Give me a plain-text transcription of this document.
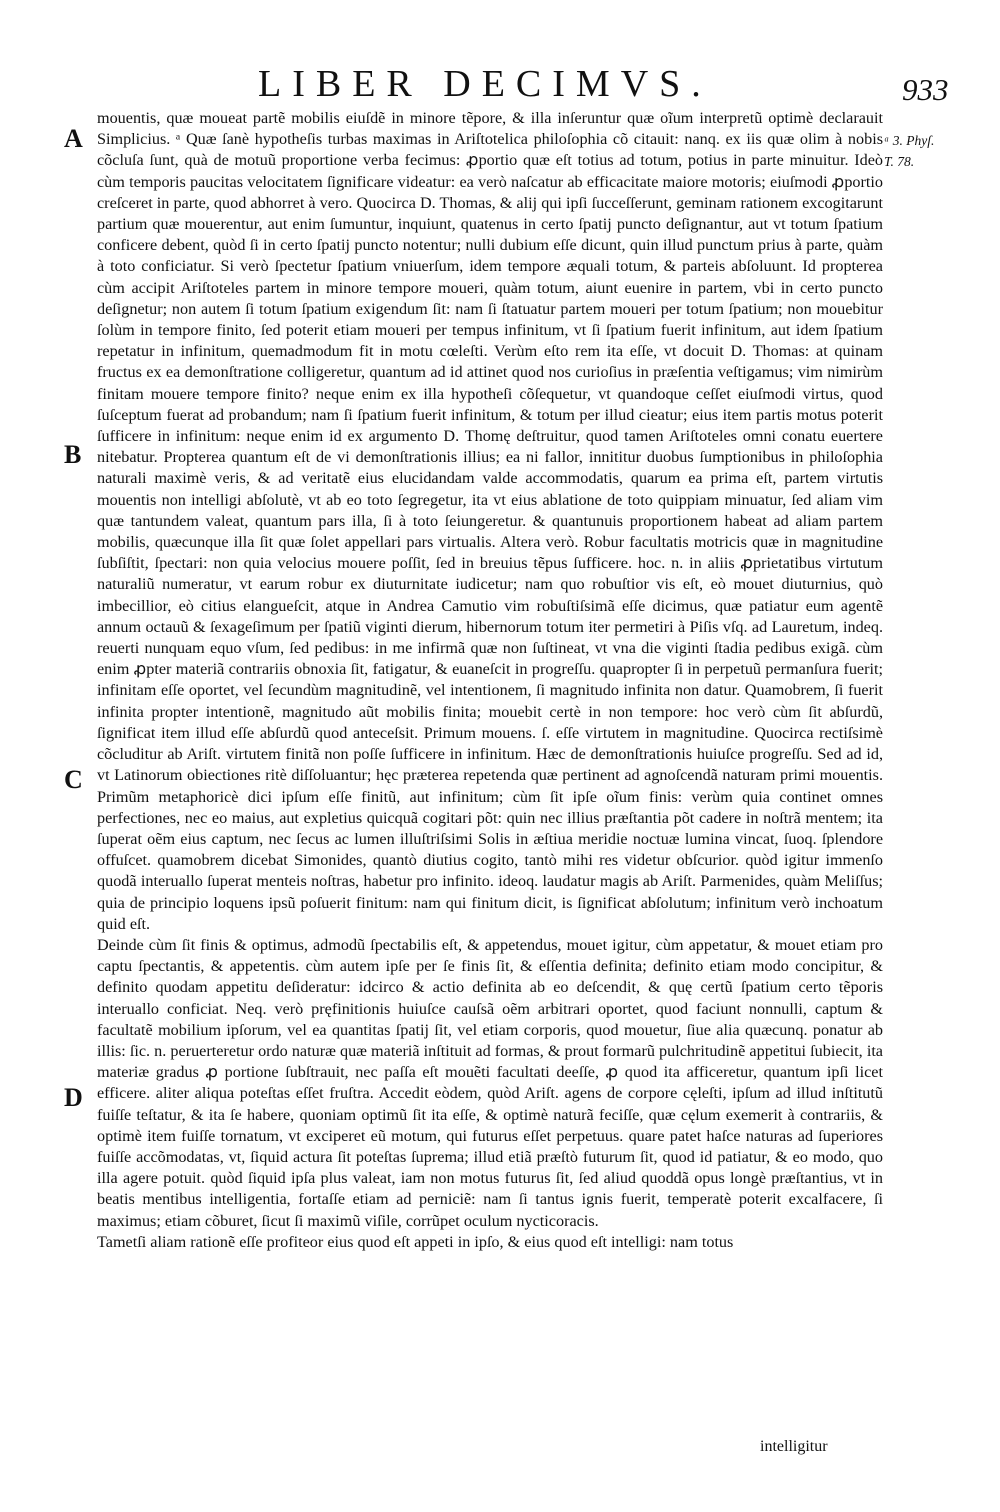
LIBER DECIMVS.	933
A
B
C
D
ᵃ 3. Phyſ.
T. 78.

mouentis, quæ moueat partẽ mobilis eiuſdẽ in minore tẽpore, & illa inſeruntur quæ oĩum interpretũ optimè declarauit Simplicius. ᵃ Quæ ſanè hypotheſis turbas maximas in Ariſtotelica philoſophia cõ citauit: nanq. ex iis quæ olim à nobis cõcluſa ſunt, quà de motuũ proportione verba fecimus: ꝓportio quæ eſt totius ad totum, potius in parte minuitur. Ideò cùm temporis paucitas velocitatem ſignificare videatur: ea verò naſcatur ab efficacitate maiore motoris; eiuſmodi ꝓportio creſceret in parte, quod abhorret à vero. Quocirca D. Thomas, & alij qui ipſi ſucceſſerunt, geminam rationem excogitarunt partium quæ mouerentur, aut enim ſumuntur, inquiunt, quatenus in certo ſpatij puncto deſignantur, aut vt totum ſpatium conficere debent, quòd ſi in certo ſpatij puncto notentur; nulli dubium eſſe dicunt, quin illud punctum prius à parte, quàm à toto conficiatur. Si verò ſpectetur ſpatium vniuerſum, idem tempore æquali totum, & parteis abſoluunt. Id propterea cùm accipit Ariſtoteles partem in minore tempore moueri, quàm totum, aiunt euenire in partem, vbi in certo puncto deſignetur; non autem ſi totum ſpatium exigendum ſit: nam ſi ſtatuatur partem moueri per totum ſpatium; non mouebitur ſolùm in tempore finito, ſed poterit etiam moueri per tempus infinitum, vt ſi ſpatium fuerit infinitum, aut idem ſpatium repetatur in infinitum, quemadmodum fit in motu cœleſti. Verùm eſto rem ita eſſe, vt docuit D. Thomas: at quinam fructus ex ea demonſtratione colligeretur, quantum ad id attinet quod nos curioſius in præſentia veſtigamus; vim nimirùm finitam mouere tempore finito? neque enim ex illa hypotheſi cõſequetur, vt quandoque ceſſet eiuſmodi virtus, quod ſuſceptum fuerat ad probandum; nam ſi ſpatium fuerit infinitum, & totum per illud cieatur; eius item partis motus poterit ſufficere in infinitum: neque enim id ex argumento D. Thomę deſtruitur, quod tamen Ariſtoteles omni conatu euertere nitebatur. Propterea quantum eſt de vi demonſtrationis illius; ea ni fallor, innititur duobus ſumptionibus in philoſophia naturali maximè veris, & ad veritatẽ eius elucidandam valde accommodatis, quarum ea prima eſt, partem virtutis mouentis non intelligi abſolutè, vt ab eo toto ſegregetur, ita vt eius ablatione de toto quippiam minuatur, ſed aliam vim quæ tantundem valeat, quantum pars illa, ſi à toto ſeiungeretur. & quantunuis proportionem habeat ad aliam partem mobilis, quæcunque illa ſit quæ ſolet appellari pars virtualis. Altera verò. Robur facultatis motricis quæ in magnitudine ſubſiſtit, ſpectari: non quia velocius mouere poſſit, ſed in breuius tẽpus ſufficere. hoc. n. in aliis ꝓprietatibus virtutum naturaliũ numeratur, vt earum robur ex diuturnitate iudicetur; nam quo robuſtior vis eſt, eò mouet diuturnius, quò imbecillior, eò citius elangueſcit, atque in Andrea Camutio vim robuſtiſsimã eſſe dicimus, quæ patiatur eum agentẽ annum octauũ & ſexageſimum per ſpatiũ viginti dierum, hibernorum totum iter permetiri à Piſis vſq. ad Lauretum, indeq. reuerti nunquam equo vſum, ſed pedibus: in me infirmã quæ non ſuſtineat, vt vna die viginti ſtadia pedibus exigã. cùm enim ꝓpter materiã contrariis obnoxia ſit, fatigatur, & euaneſcit in progreſſu. quapropter ſi in perpetuũ permanſura fuerit; infinitam eſſe oportet, vel ſecundùm magnitudinẽ, vel intentionem, ſi magnitudo infinita non datur. Quamobrem, ſi fuerit infinita propter intentionẽ, magnitudo aũt mobilis finita; mouebit certè in non tempore: hoc verò cùm ſit abſurdũ, ſignificat item illud eſſe abſurdũ quod anteceſsit. Primum mouens. ſ. eſſe virtutem in magnitudine. Quocirca rectiſsimè cõcluditur ab Ariſt. virtutem finitã non poſſe ſufficere in infinitum. Hæc de demonſtrationis huiuſce progreſſu. Sed ad id, vt Latinorum obiectiones ritè diſſoluantur; hęc præterea repetenda quæ pertinent ad agnoſcendã naturam primi mouentis. Primũm metaphoricè dici ipſum eſſe finitũ, aut infinitum; cùm ſit ipſe oĩum finis: verùm quia continet omnes perfectiones, nec eo maius, aut expletius quicquã cogitari põt: quin nec illius præſtantia põt cadere in noſtrã mentem; ita ſuperat oẽm eius captum, nec ſecus ac lumen illuſtriſsimi Solis in æſtiua meridie noctuæ lumina vincat, ſuoq. ſplendore offuſcet. quamobrem dicebat Simonides, quantò diutius cogito, tantò mihi res videtur obſcurior. quòd igitur immenſo quodã interuallo ſuperat menteis noſtras, habetur pro infinito. ideoq. laudatur magis ab Ariſt. Parmenides, quàm Meliſſus; quia de principio loquens ipsũ poſuerit finitum: nam qui finitum dicit, is ſignificat abſolutum; infinitum verò inchoatum quid eſt.

Deinde cùm ſit finis & optimus, admodũ ſpectabilis eſt, & appetendus, mouet igitur, cùm appetatur, & mouet etiam pro captu ſpectantis, & appetentis. cùm autem ipſe per ſe finis ſit, & eſſentia definita; definito etiam modo concipitur, & definito quodam appetitu deſideratur: idcirco & actio definita ab eo deſcendit, & quę certũ ſpatium certo tẽporis interuallo conficiat. Neq. verò pręfinitionis huiuſce cauſsã oẽm arbitrari oportet, quod faciunt nonnulli, captum & facultatẽ mobilium ipſorum, vel ea quantitas ſpatij ſit, vel etiam corporis, quod mouetur, ſiue alia quæcunq. ponatur ab illis: ſic. n. peruerteretur ordo naturæ quæ materiã inſtituit ad formas, & prout formarũ pulchritudinẽ appetitui ſubiecit, ita materiæ gradus ꝓ portione ſubſtrauit, nec paſſa eſt mouẽti facultati deeſſe, ꝓ quod ita afficeretur, quantum ipſi licet efficere. aliter aliqua poteſtas eſſet fruſtra. Accedit eòdem, quòd Ariſt. agens de corpore cęleſti, ipſum ad illud inſtitutũ fuiſſe teſtatur, & ita ſe habere, quoniam optimũ ſit ita eſſe, & optimè naturã feciſſe, quæ cęlum exemerit à contrariis, & optimè item fuiſſe tornatum, vt exciperet eũ motum, qui futurus eſſet perpetuus. quare patet haſce naturas ad ſuperiores fuiſſe accõmodatas, vt, ſiquid actura ſit poteſtas ſuprema; illud etiã præſtò futurum ſit, quod id patiatur, & eo modo, quo illa agere potuit. quòd ſiquid ipſa plus valeat, iam non motus futurus ſit, ſed aliud quoddã opus longè præſtantius, vt in beatis mentibus intelligentia, fortaſſe etiam ad perniciẽ: nam ſi tantus ignis fuerit, temperatè poterit excalfacere, ſi maximus; etiam cõburet, ſicut ſi maximũ viſile, corrũpet oculum nycticoracis.

Tametſi aliam rationẽ eſſe profiteor eius quod eſt appeti in ipſo, & eius quod eſt intelligi: nam totus

intelligitur
